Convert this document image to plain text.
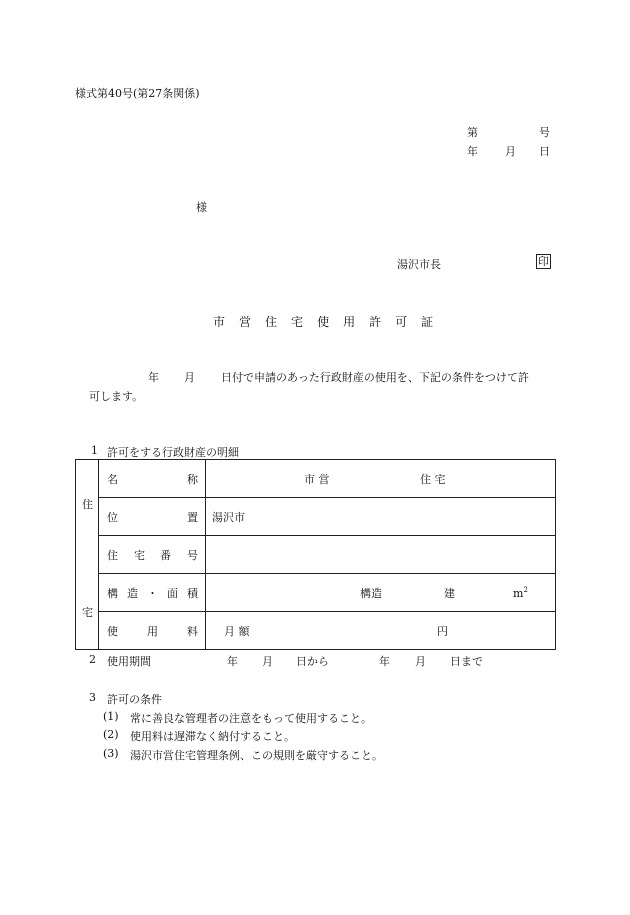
様式第40号(第27条関係)
第	号
年 月 日
様
湯沢市長	印
市 営 住 宅 使 用 許 可 証
年 月 日付で申請のあった行政財産の使用を、下記の条件をつけて許
可します。
1 許可をする行政財産の明細
住
宅	名 称	市 営 住 宅

	位 置	湯沢市

	住 宅 番 号	

	構 造 ・ 面 積	構造 建 $m^2$

	使 用 料	月 額 円
2 使用期間	年 月 日から	年 月 日まで
3 許可の条件
(1) 常に善良な管理者の注意をもって使用すること。
(2) 使用料は遅滞なく納付すること。
(3) 湯沢市営住宅管理条例、この規則を厳守すること。
